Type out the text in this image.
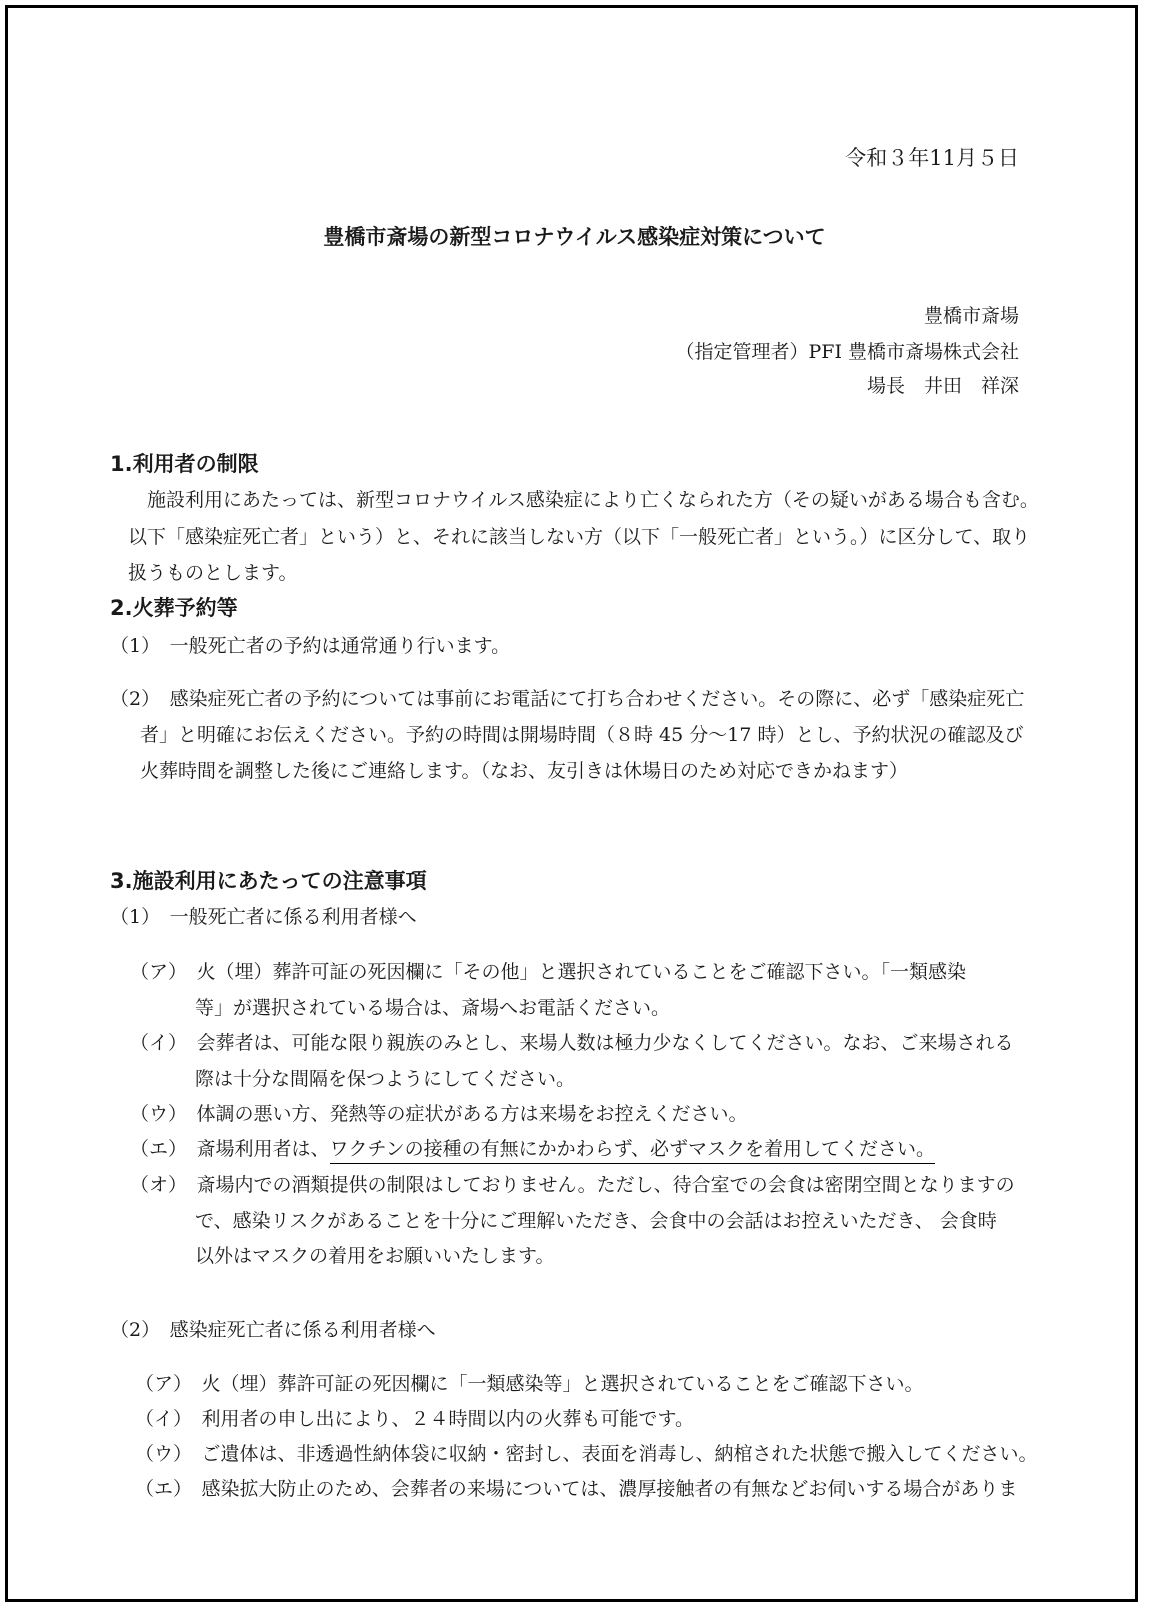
令和３年11月５日
豊橋市斎場の新型コロナウイルス感染症対策について
豊橋市斎場
（指定管理者）PFI 豊橋市斎場株式会社
場長　井田　祥深
1.利用者の制限
施設利用にあたっては、新型コロナウイルス感染症により亡くなられた方（その疑いがある場合も含む。
以下「感染症死亡者」という）と、それに該当しない方（以下「一般死亡者」という。）に区分して、取り
扱うものとします。
2.火葬予約等
（1）　一般死亡者の予約は通常通り行います。
（2）　感染症死亡者の予約については事前にお電話にて打ち合わせください。その際に、必ず「感染症死亡
者」と明確にお伝えください。予約の時間は開場時間（８時 45 分～17 時）とし、予約状況の確認及び
火葬時間を調整した後にご連絡します。（なお、友引きは休場日のため対応できかねます）
3.施設利用にあたっての注意事項
（1）　一般死亡者に係る利用者様へ
（ア）　火（埋）葬許可証の死因欄に「その他」と選択されていることをご確認下さい。「一類感染
等」が選択されている場合は、斎場へお電話ください。
（イ）　会葬者は、可能な限り親族のみとし、来場人数は極力少なくしてください。なお、ご来場される
際は十分な間隔を保つようにしてください。
（ウ）　体調の悪い方、発熱等の症状がある方は来場をお控えください。
（エ）　斎場利用者は、ワクチンの接種の有無にかかわらず、必ずマスクを着用してください。
（オ）　斎場内での酒類提供の制限はしておりません。ただし、待合室での会食は密閉空間となりますの
で、感染リスクがあることを十分にご理解いただき、会食中の会話はお控えいただき、 会食時
以外はマスクの着用をお願いいたします。
（2）　感染症死亡者に係る利用者様へ
（ア）　火（埋）葬許可証の死因欄に「一類感染等」と選択されていることをご確認下さい。
（イ）　利用者の申し出により、２４時間以内の火葬も可能です。
（ウ）　ご遺体は、非透過性納体袋に収納・密封し、表面を消毒し、納棺された状態で搬入してください。
（エ）　感染拡大防止のため、会葬者の来場については、濃厚接触者の有無などお伺いする場合がありま
